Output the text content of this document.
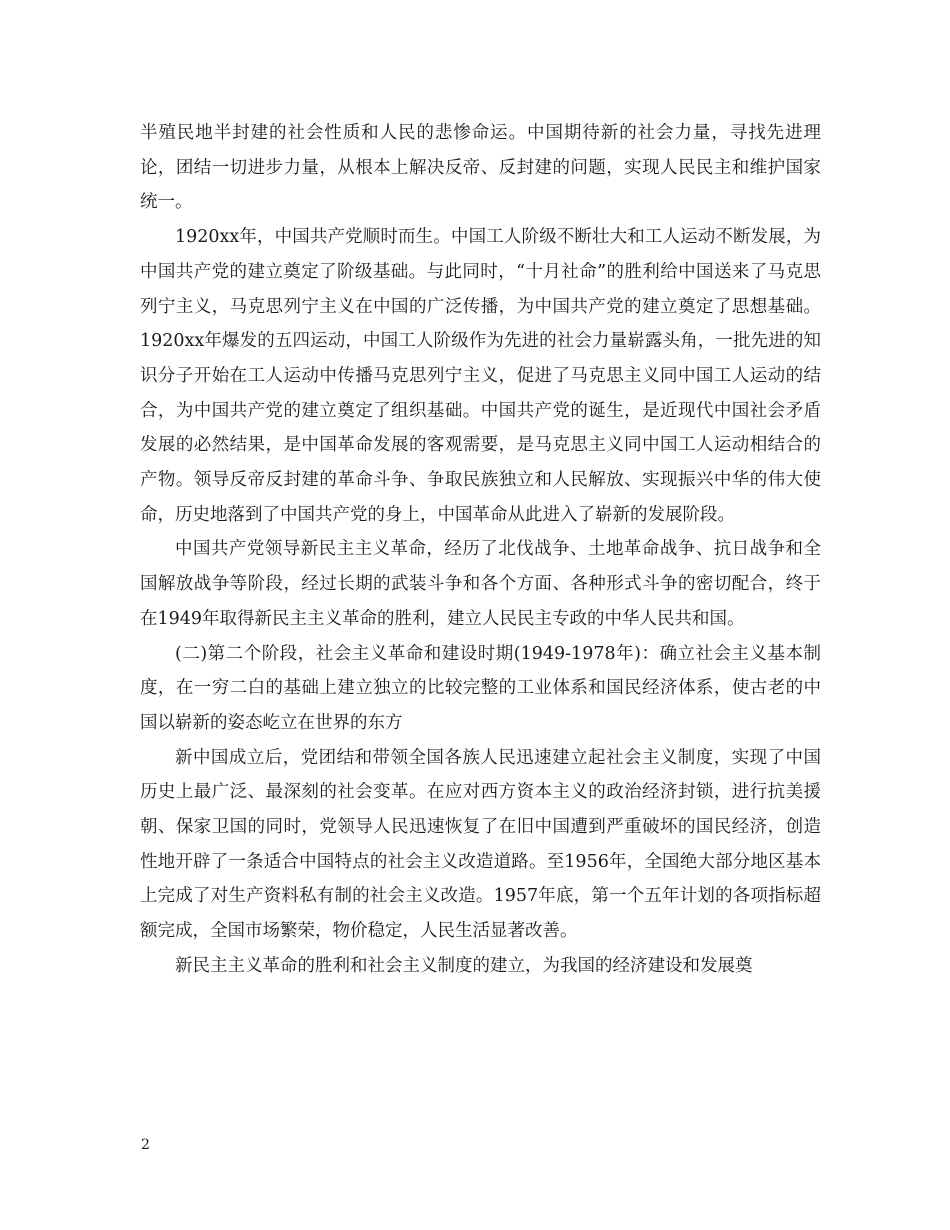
半殖民地半封建的社会性质和人民的悲惨命运。中国期待新的社会力量，寻找先进理论，团结一切进步力量，从根本上解决反帝、反封建的问题，实现人民民主和维护国家统一。

1920xx年，中国共产党顺时而生。中国工人阶级不断壮大和工人运动不断发展，为中国共产党的建立奠定了阶级基础。与此同时，“十月社命”的胜利给中国送来了马克思列宁主义，马克思列宁主义在中国的广泛传播，为中国共产党的建立奠定了思想基础。1920xx年爆发的五四运动，中国工人阶级作为先进的社会力量崭露头角，一批先进的知识分子开始在工人运动中传播马克思列宁主义，促进了马克思主义同中国工人运动的结合，为中国共产党的建立奠定了组织基础。中国共产党的诞生，是近现代中国社会矛盾发展的必然结果，是中国革命发展的客观需要，是马克思主义同中国工人运动相结合的产物。领导反帝反封建的革命斗争、争取民族独立和人民解放、实现振兴中华的伟大使命，历史地落到了中国共产党的身上，中国革命从此进入了崭新的发展阶段。

中国共产党领导新民主主义革命，经历了北伐战争、土地革命战争、抗日战争和全国解放战争等阶段，经过长期的武装斗争和各个方面、各种形式斗争的密切配合，终于在1949年取得新民主主义革命的胜利，建立人民民主专政的中华人民共和国。

(二)第二个阶段，社会主义革命和建设时期(1949-1978年)：确立社会主义基本制度，在一穷二白的基础上建立独立的比较完整的工业体系和国民经济体系，使古老的中国以崭新的姿态屹立在世界的东方

新中国成立后，党团结和带领全国各族人民迅速建立起社会主义制度，实现了中国历史上最广泛、最深刻的社会变革。在应对西方资本主义的政治经济封锁，进行抗美援朝、保家卫国的同时，党领导人民迅速恢复了在旧中国遭到严重破坏的国民经济，创造性地开辟了一条适合中国特点的社会主义改造道路。至1956年，全国绝大部分地区基本上完成了对生产资料私有制的社会主义改造。1957年底，第一个五年计划的各项指标超额完成，全国市场繁荣，物价稳定，人民生活显著改善。

新民主主义革命的胜利和社会主义制度的建立，为我国的经济建设和发展奠

2
